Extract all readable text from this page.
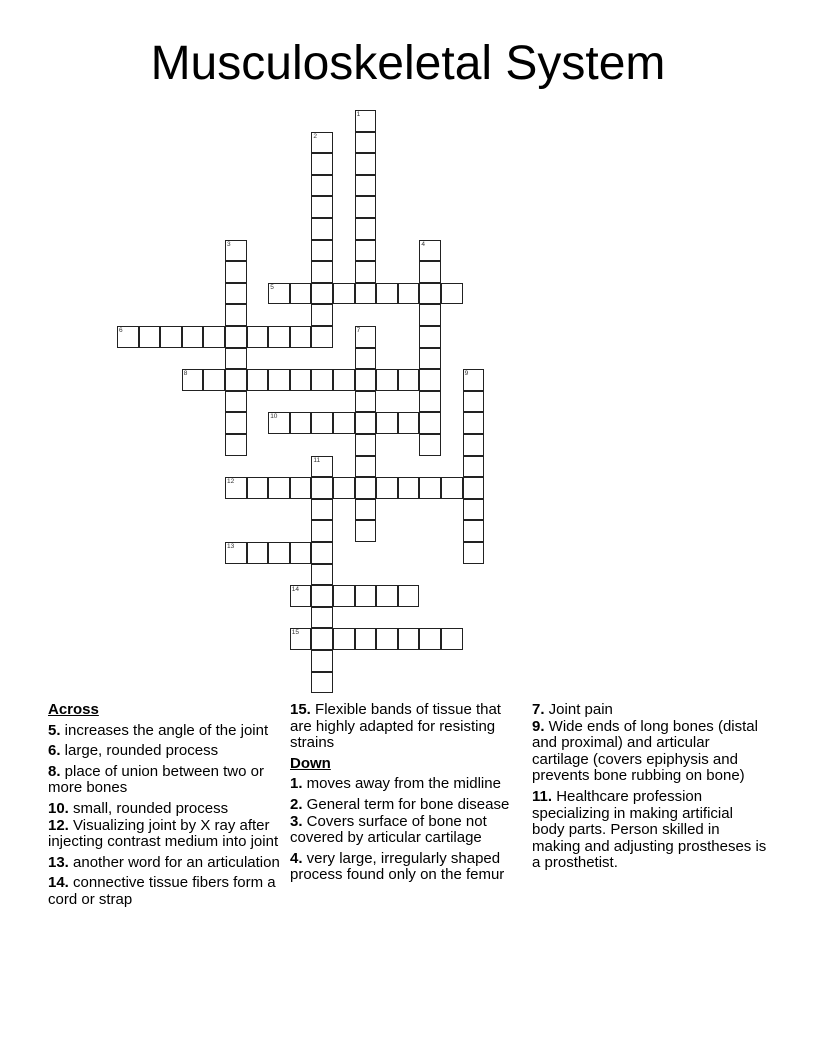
Musculoskeletal System
1
2
3	4
5
6	7
8	9
10
11
12
13
14
15
Across
5. increases the angle of the joint
6. large, rounded process
8. place of union between two or more bones
10. small, rounded process
12. Visualizing joint by X ray after injecting contrast medium into joint
13. another word for an articulation
14. connective tissue fibers form a cord or strap
15. Flexible bands of tissue that are highly adapted for resisting strains
Down
1. moves away from the midline
2. General term for bone disease
3. Covers surface of bone not covered by articular cartilage
4. very large, irregularly shaped process found only on the femur
7. Joint pain
9. Wide ends of long bones (distal and proximal) and articular cartilage (covers epiphysis and prevents bone rubbing on bone)
11. Healthcare profession specializing in making artificial body parts. Person skilled in making and adjusting prostheses is a prosthetist.
